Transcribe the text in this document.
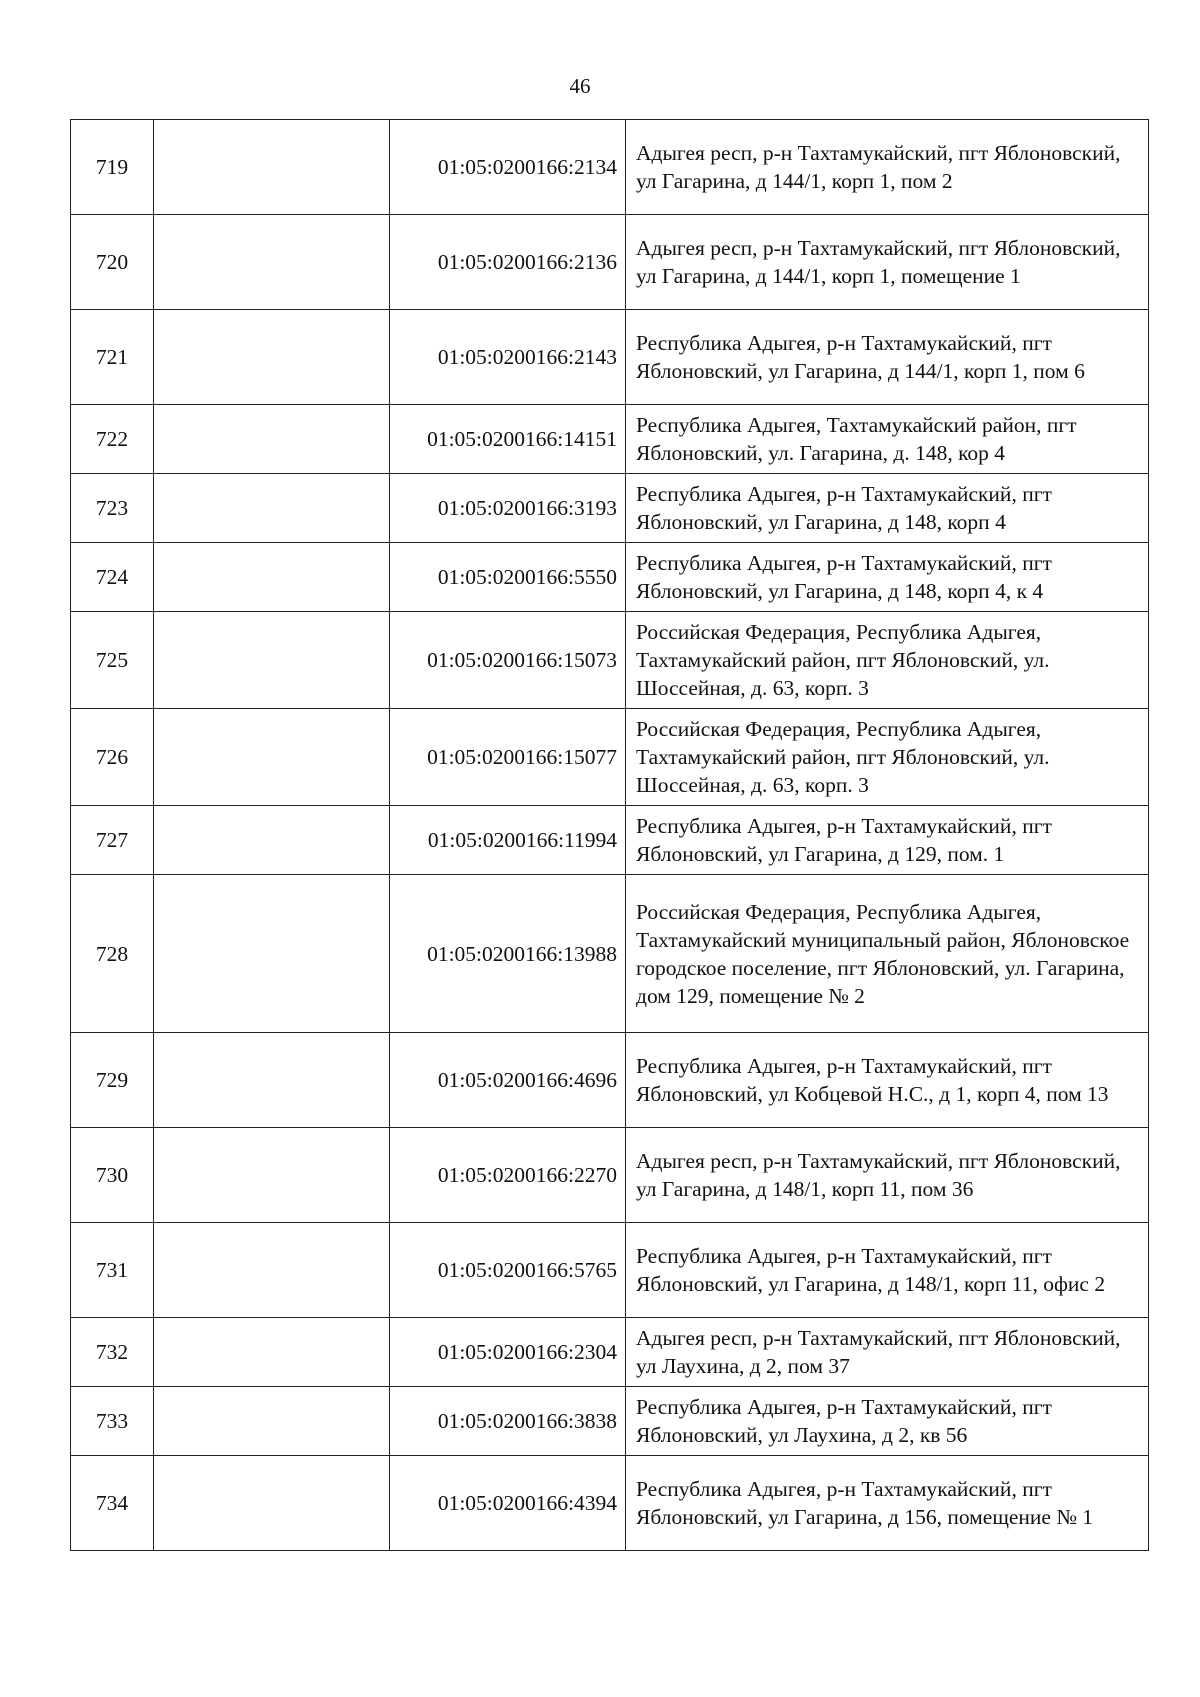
46
719		01:05:0200166:2134	Адыгея респ, р-н Тахтамукайский, пгт Яблоновский, ул Гагарина, д 144/1, корп 1, пом 2
720		01:05:0200166:2136	Адыгея респ, р-н Тахтамукайский, пгт Яблоновский, ул Гагарина, д 144/1, корп 1, помещение 1
721		01:05:0200166:2143	Республика Адыгея, р-н Тахтамукайский, пгт Яблоновский, ул Гагарина, д 144/1, корп 1, пом 6
722		01:05:0200166:14151	Республика Адыгея, Тахтамукайский район, пгт Яблоновский, ул. Гагарина, д. 148, кор 4
723		01:05:0200166:3193	Республика Адыгея, р-н Тахтамукайский, пгт Яблоновский, ул Гагарина, д 148, корп 4
724		01:05:0200166:5550	Республика Адыгея, р-н Тахтамукайский, пгт Яблоновский, ул Гагарина, д 148, корп 4, к 4
725		01:05:0200166:15073	Российская Федерация, Республика Адыгея, Тахтамукайский район, пгт Яблоновский, ул. Шоссейная, д. 63, корп. 3
726		01:05:0200166:15077	Российская Федерация, Республика Адыгея, Тахтамукайский район, пгт Яблоновский, ул. Шоссейная, д. 63, корп. 3
727		01:05:0200166:11994	Республика Адыгея, р-н Тахтамукайский, пгт Яблоновский, ул Гагарина, д 129, пом. 1
728		01:05:0200166:13988	Российская Федерация, Республика Адыгея, Тахтамукайский муниципальный район, Яблоновское городское поселение, пгт Яблоновский, ул. Гагарина, дом 129, помещение № 2
729		01:05:0200166:4696	Республика Адыгея, р-н Тахтамукайский, пгт Яблоновский, ул Кобцевой Н.С., д 1, корп 4, пом 13
730		01:05:0200166:2270	Адыгея респ, р-н Тахтамукайский, пгт Яблоновский, ул Гагарина, д 148/1, корп 11, пом 36
731		01:05:0200166:5765	Республика Адыгея, р-н Тахтамукайский, пгт Яблоновский, ул Гагарина, д 148/1, корп 11, офис 2
732		01:05:0200166:2304	Адыгея респ, р-н Тахтамукайский, пгт Яблоновский, ул Лаухина, д 2, пом 37
733		01:05:0200166:3838	Республика Адыгея, р-н Тахтамукайский, пгт Яблоновский, ул Лаухина, д 2, кв 56
734		01:05:0200166:4394	Республика Адыгея, р-н Тахтамукайский, пгт Яблоновский, ул Гагарина, д 156, помещение № 1
